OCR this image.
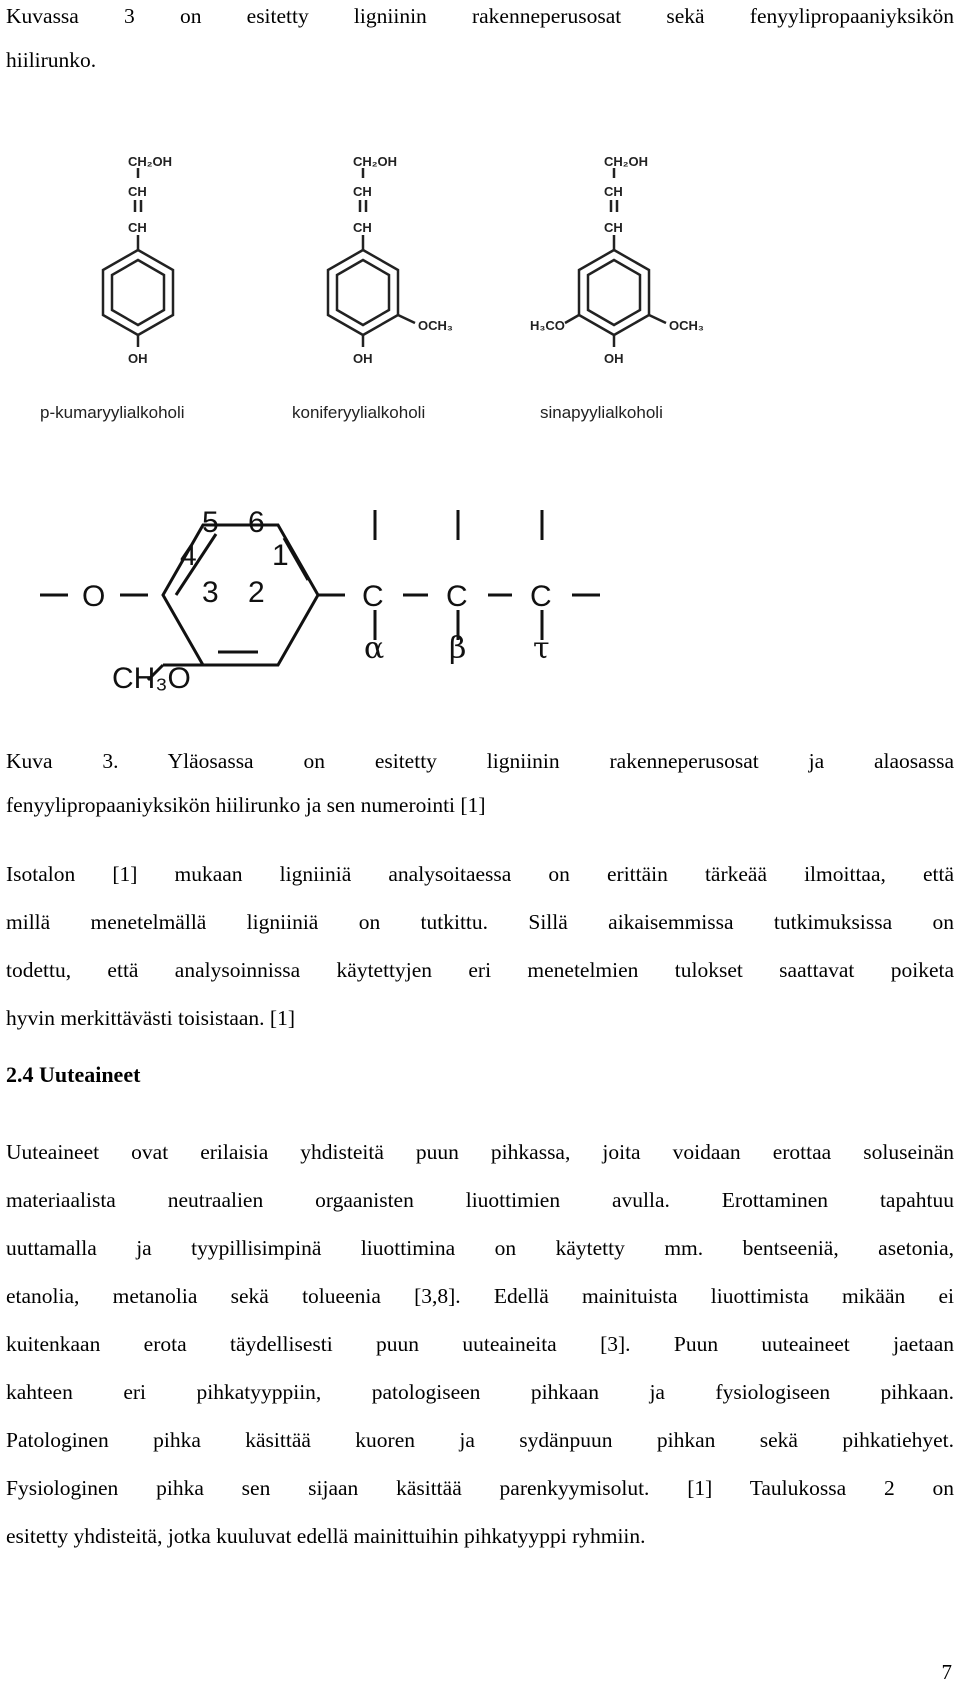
Kuvassa 3 on esitetty ligniinin rakenneperusosat sekä fenyylipropaaniyksikön

hiilirunko.

CH₂OH
CH
CH
OH
p-kumaryylialkoholi
CH₂OH
CH
CH
OCH₃
OH
koniferyylialkoholi
CH₂OH
CH
CH
OCH₃
H₃CO
OH
sinapyylialkoholi
O
CH₃O
5 6
4	1
3 2	C C C
α β τ

Kuva 3. Yläosassa on esitetty ligniinin rakenneperusosat ja alaosassa

fenyylipropaaniyksikön hiilirunko ja sen numerointi [1]

Isotalon [1] mukaan ligniiniä analysoitaessa on erittäin tärkeää ilmoittaa, että

millä menetelmällä ligniiniä on tutkittu. Sillä aikaisemmissa tutkimuksissa on

todettu, että analysoinnissa käytettyjen eri menetelmien tulokset saattavat poiketa

hyvin merkittävästi toisistaan. [1]

2.4 Uuteaineet

Uuteaineet ovat erilaisia yhdisteitä puun pihkassa, joita voidaan erottaa soluseinän

materiaalista neutraalien orgaanisten liuottimien avulla. Erottaminen tapahtuu

uuttamalla ja tyypillisimpinä liuottimina on käytetty mm. bentseeniä, asetonia,

etanolia, metanolia sekä tolueenia [3,8]. Edellä mainituista liuottimista mikään ei

kuitenkaan erota täydellisesti puun uuteaineita [3]. Puun uuteaineet jaetaan

kahteen eri pihkatyyppiin, patologiseen pihkaan ja fysiologiseen pihkaan.

Patologinen pihka käsittää kuoren ja sydänpuun pihkan sekä pihkatiehyet.

Fysiologinen pihka sen sijaan käsittää parenkyymisolut. [1] Taulukossa 2 on

esitetty yhdisteitä, jotka kuuluvat edellä mainittuihin pihkatyyppi ryhmiin.

7
